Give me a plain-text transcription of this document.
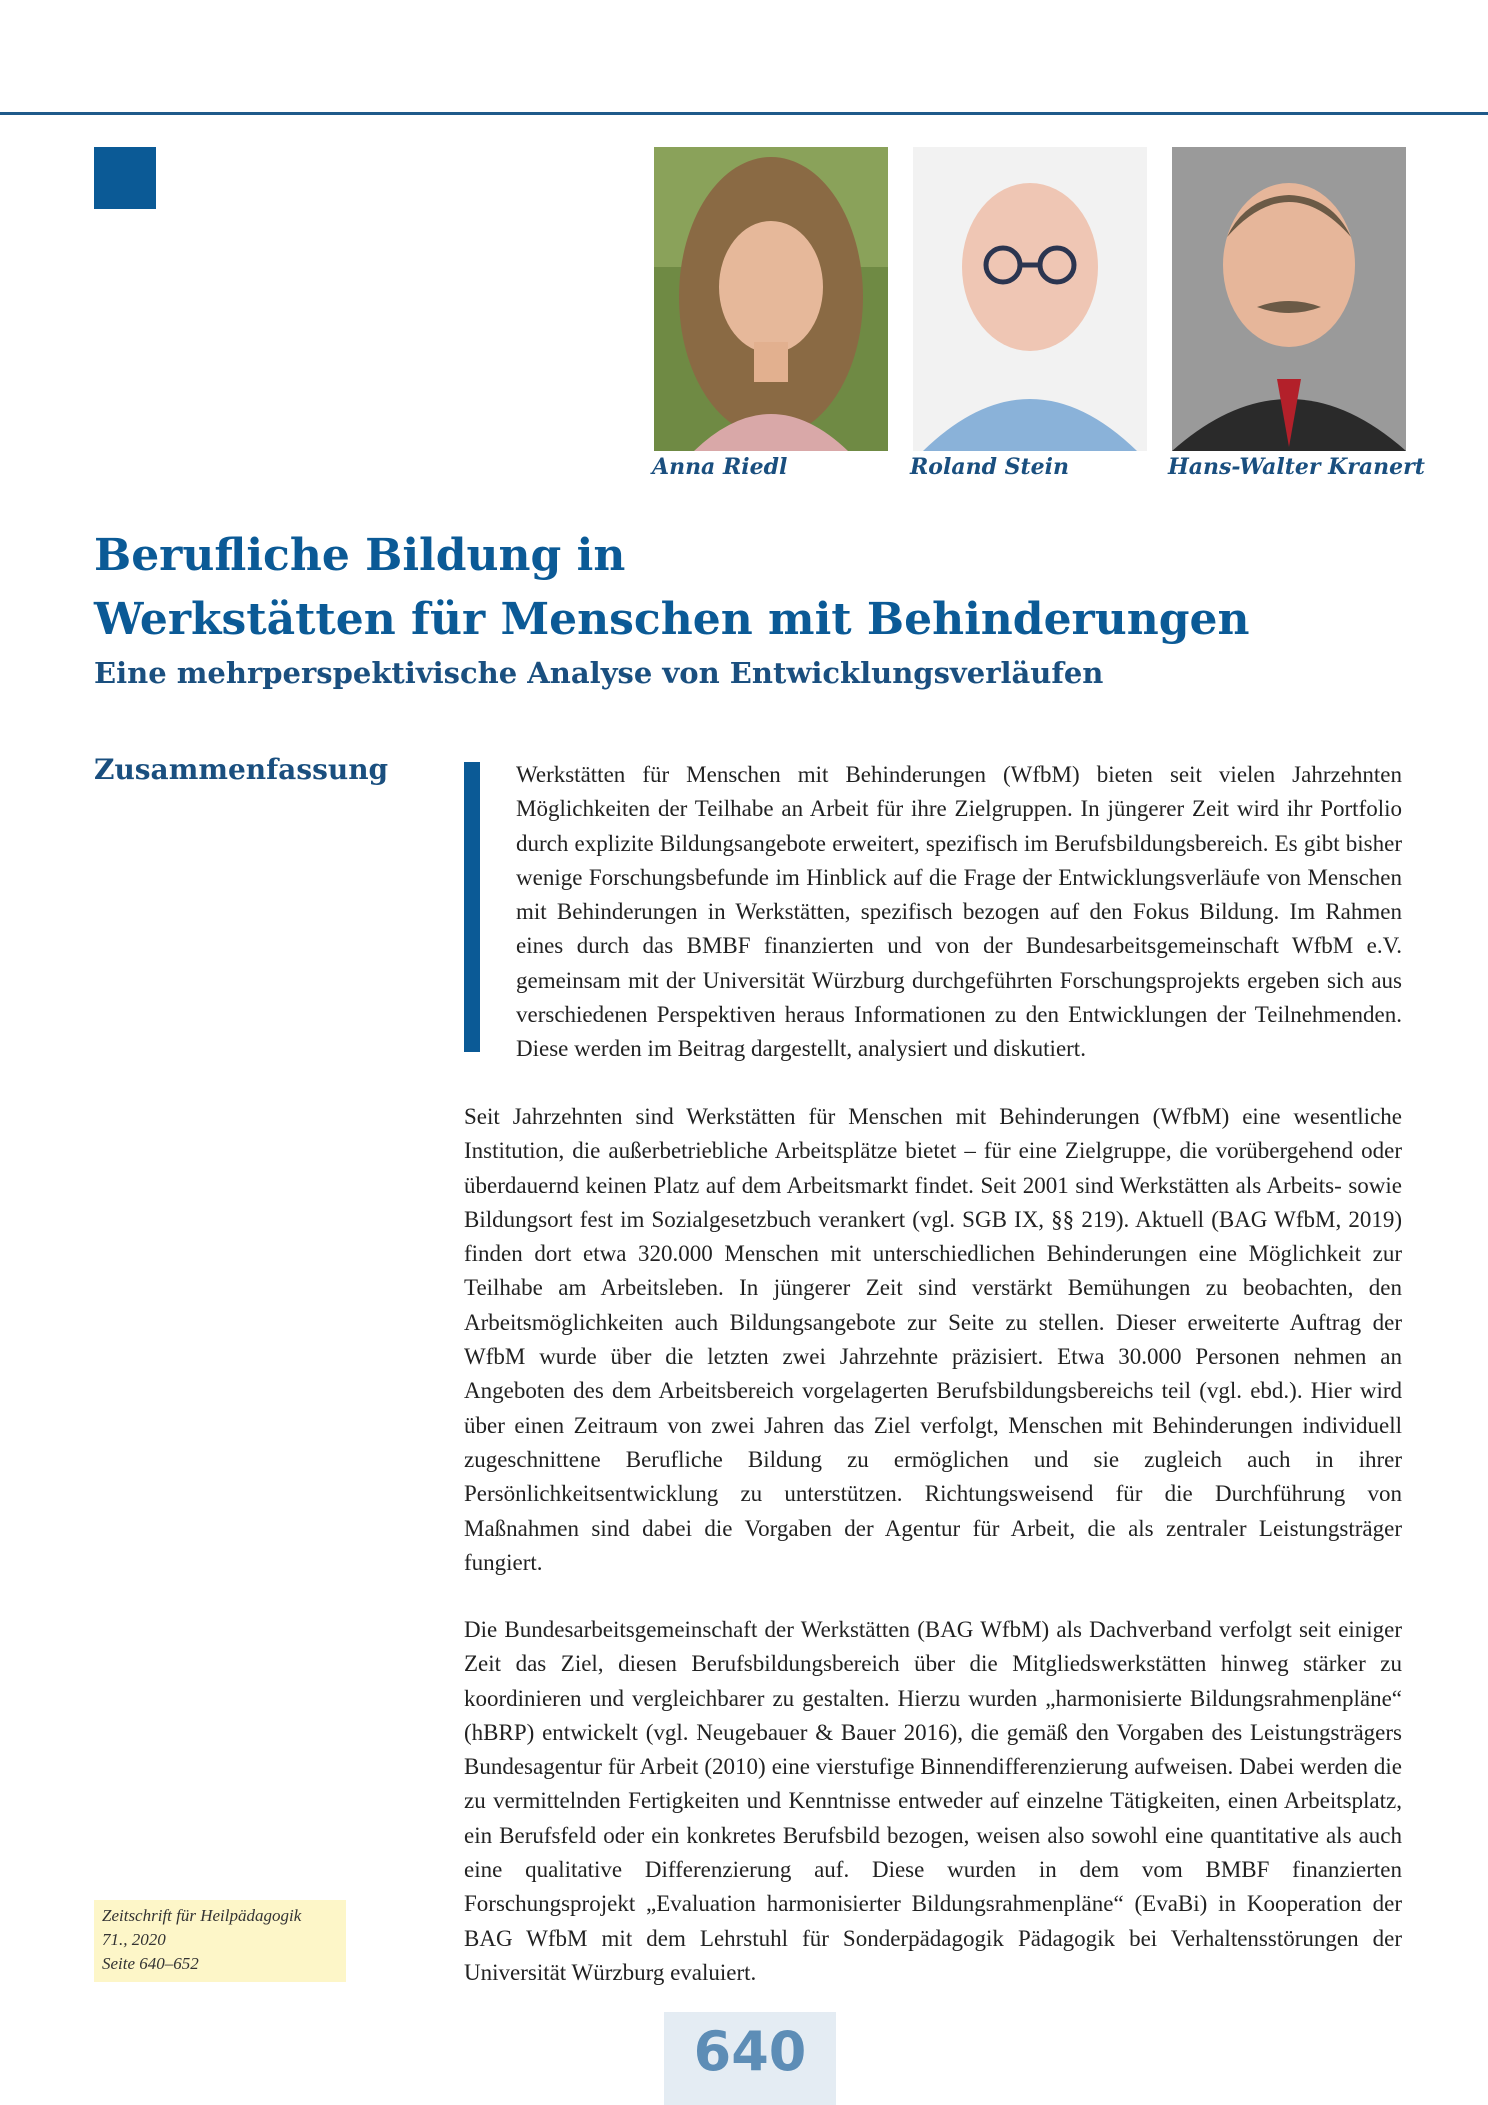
Anna Riedl	Roland Stein	Hans-Walter Kranert
Berufliche Bildung in
Werkstätten für Menschen mit Behinderungen
Eine mehrperspektivische Analyse von Entwicklungsverläufen
Zusammenfassung	Werkstätten für Menschen mit Behinderungen (WfbM) bieten seit vielen Jahrzehnten Möglichkeiten der Teilhabe an Arbeit für ihre Zielgruppen. In jüngerer Zeit wird ihr Portfolio durch explizite Bildungsangebote erweitert, spezifisch im Berufsbildungsbereich. Es gibt bisher wenige Forschungsbefunde im Hinblick auf die Frage der Entwicklungsverläufe von Menschen mit Behinderungen in Werkstätten, spezifisch bezogen auf den Fokus Bildung. Im Rahmen eines durch das BMBF finanzierten und von der Bundesarbeitsgemeinschaft WfbM e.V. gemeinsam mit der Universität Würzburg durchgeführten Forschungsprojekts ergeben sich aus verschiedenen Perspektiven heraus Informationen zu den Entwicklungen der Teilnehmenden. Diese werden im Beitrag dargestellt, analysiert und diskutiert.

Seit Jahrzehnten sind Werkstätten für Menschen mit Behinderungen (WfbM) eine wesentliche Institution, die außerbetriebliche Arbeitsplätze bietet – für eine Zielgruppe, die vorübergehend oder überdauernd keinen Platz auf dem Arbeitsmarkt findet. Seit 2001 sind Werkstätten als Arbeits- sowie Bildungsort fest im Sozialgesetzbuch verankert (vgl. SGB IX, §§ 219). Aktuell (BAG WfbM, 2019) finden dort etwa 320.000 Menschen mit unterschiedlichen Behinderungen eine Möglichkeit zur Teilhabe am Arbeitsleben. In jüngerer Zeit sind verstärkt Bemühungen zu beobachten, den Arbeitsmöglichkeiten auch Bildungsangebote zur Seite zu stellen. Dieser erweiterte Auftrag der WfbM wurde über die letzten zwei Jahrzehnte präzisiert. Etwa 30.000 Personen nehmen an Angeboten des dem Arbeitsbereich vorgelagerten Berufsbildungsbereichs teil (vgl. ebd.). Hier wird über einen Zeitraum von zwei Jahren das Ziel verfolgt, Menschen mit Behinderungen individuell zugeschnittene Berufliche Bildung zu ermöglichen und sie zugleich auch in ihrer Persönlichkeitsentwicklung zu unterstützen. Richtungsweisend für die Durchführung von Maßnahmen sind dabei die Vorgaben der Agentur für Arbeit, die als zentraler Leistungsträger fungiert.

Die Bundesarbeitsgemeinschaft der Werkstätten (BAG WfbM) als Dachverband verfolgt seit einiger Zeit das Ziel, diesen Berufsbildungsbereich über die Mitgliedswerkstätten hinweg stärker zu koordinieren und vergleichbarer zu gestalten. Hierzu wurden „harmonisierte Bildungsrahmenpläne“ (hBRP) entwickelt (vgl. Neugebauer & Bauer 2016), die gemäß den Vorgaben des Leistungsträgers Bundesagentur für Arbeit (2010) eine vierstufige Binnendifferenzierung aufweisen. Dabei werden die zu vermittelnden Fertigkeiten und Kenntnisse entweder auf einzelne Tätigkeiten, einen Arbeitsplatz, ein Berufsfeld oder ein konkretes Berufsbild bezogen, weisen also sowohl eine quantitative als auch eine qualitative Differenzierung auf. Diese wurden in dem vom BMBF finanzierten Forschungsprojekt „Evaluation harmonisierter Bildungsrahmenpläne“ (EvaBi) in Kooperation der BAG WfbM mit dem Lehrstuhl für Sonderpädagogik Pädagogik bei Verhaltensstörungen der Universität Würzburg evaluiert.

Zeitschrift für Heilpädagogik
71., 2020
Seite 640–652
640
